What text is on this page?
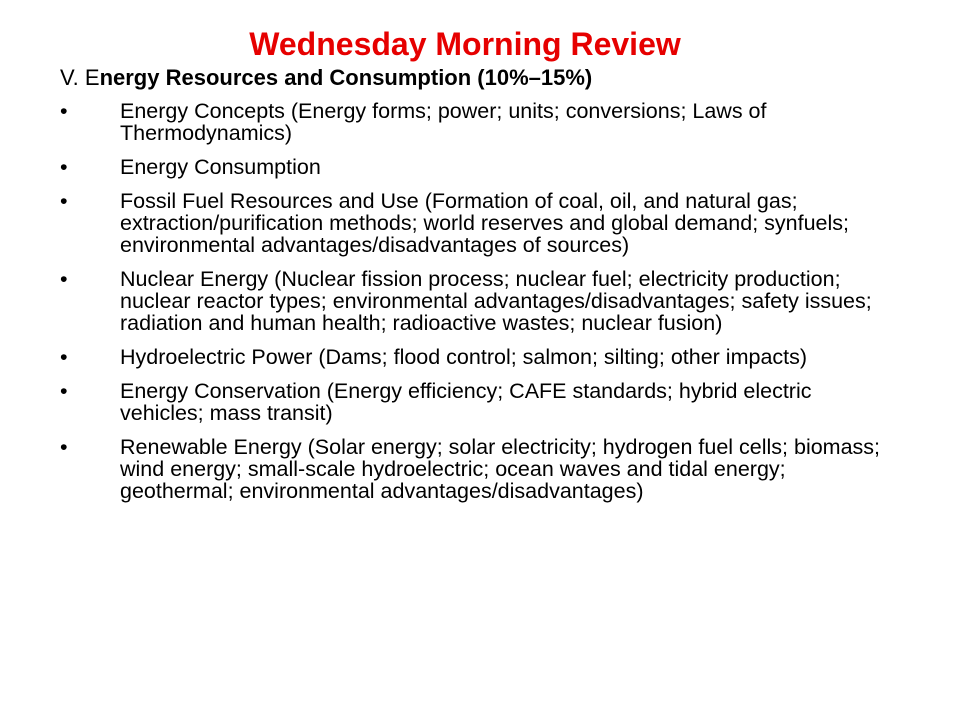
Wednesday Morning Review

V. Energy Resources and Consumption (10%–15%)

•	Energy Concepts (Energy forms; power; units; conversions; Laws of Thermodynamics)
•	Energy Consumption
•	Fossil Fuel Resources and Use (Formation of coal, oil, and natural gas; extraction/purification methods; world reserves and global demand; synfuels; environmental advantages/disadvantages of sources)
•	Nuclear Energy (Nuclear fission process; nuclear fuel; electricity production; nuclear reactor types; environmental advantages/disadvantages; safety issues; radiation and human health; radioactive wastes; nuclear fusion)
•	Hydroelectric Power (Dams; flood control; salmon; silting; other impacts)
•	Energy Conservation (Energy efficiency; CAFE standards; hybrid electric vehicles; mass transit)
•	Renewable Energy (Solar energy; solar electricity; hydrogen fuel cells; biomass; wind energy; small-scale hydroelectric; ocean waves and tidal energy; geothermal; environmental advantages/disadvantages)
